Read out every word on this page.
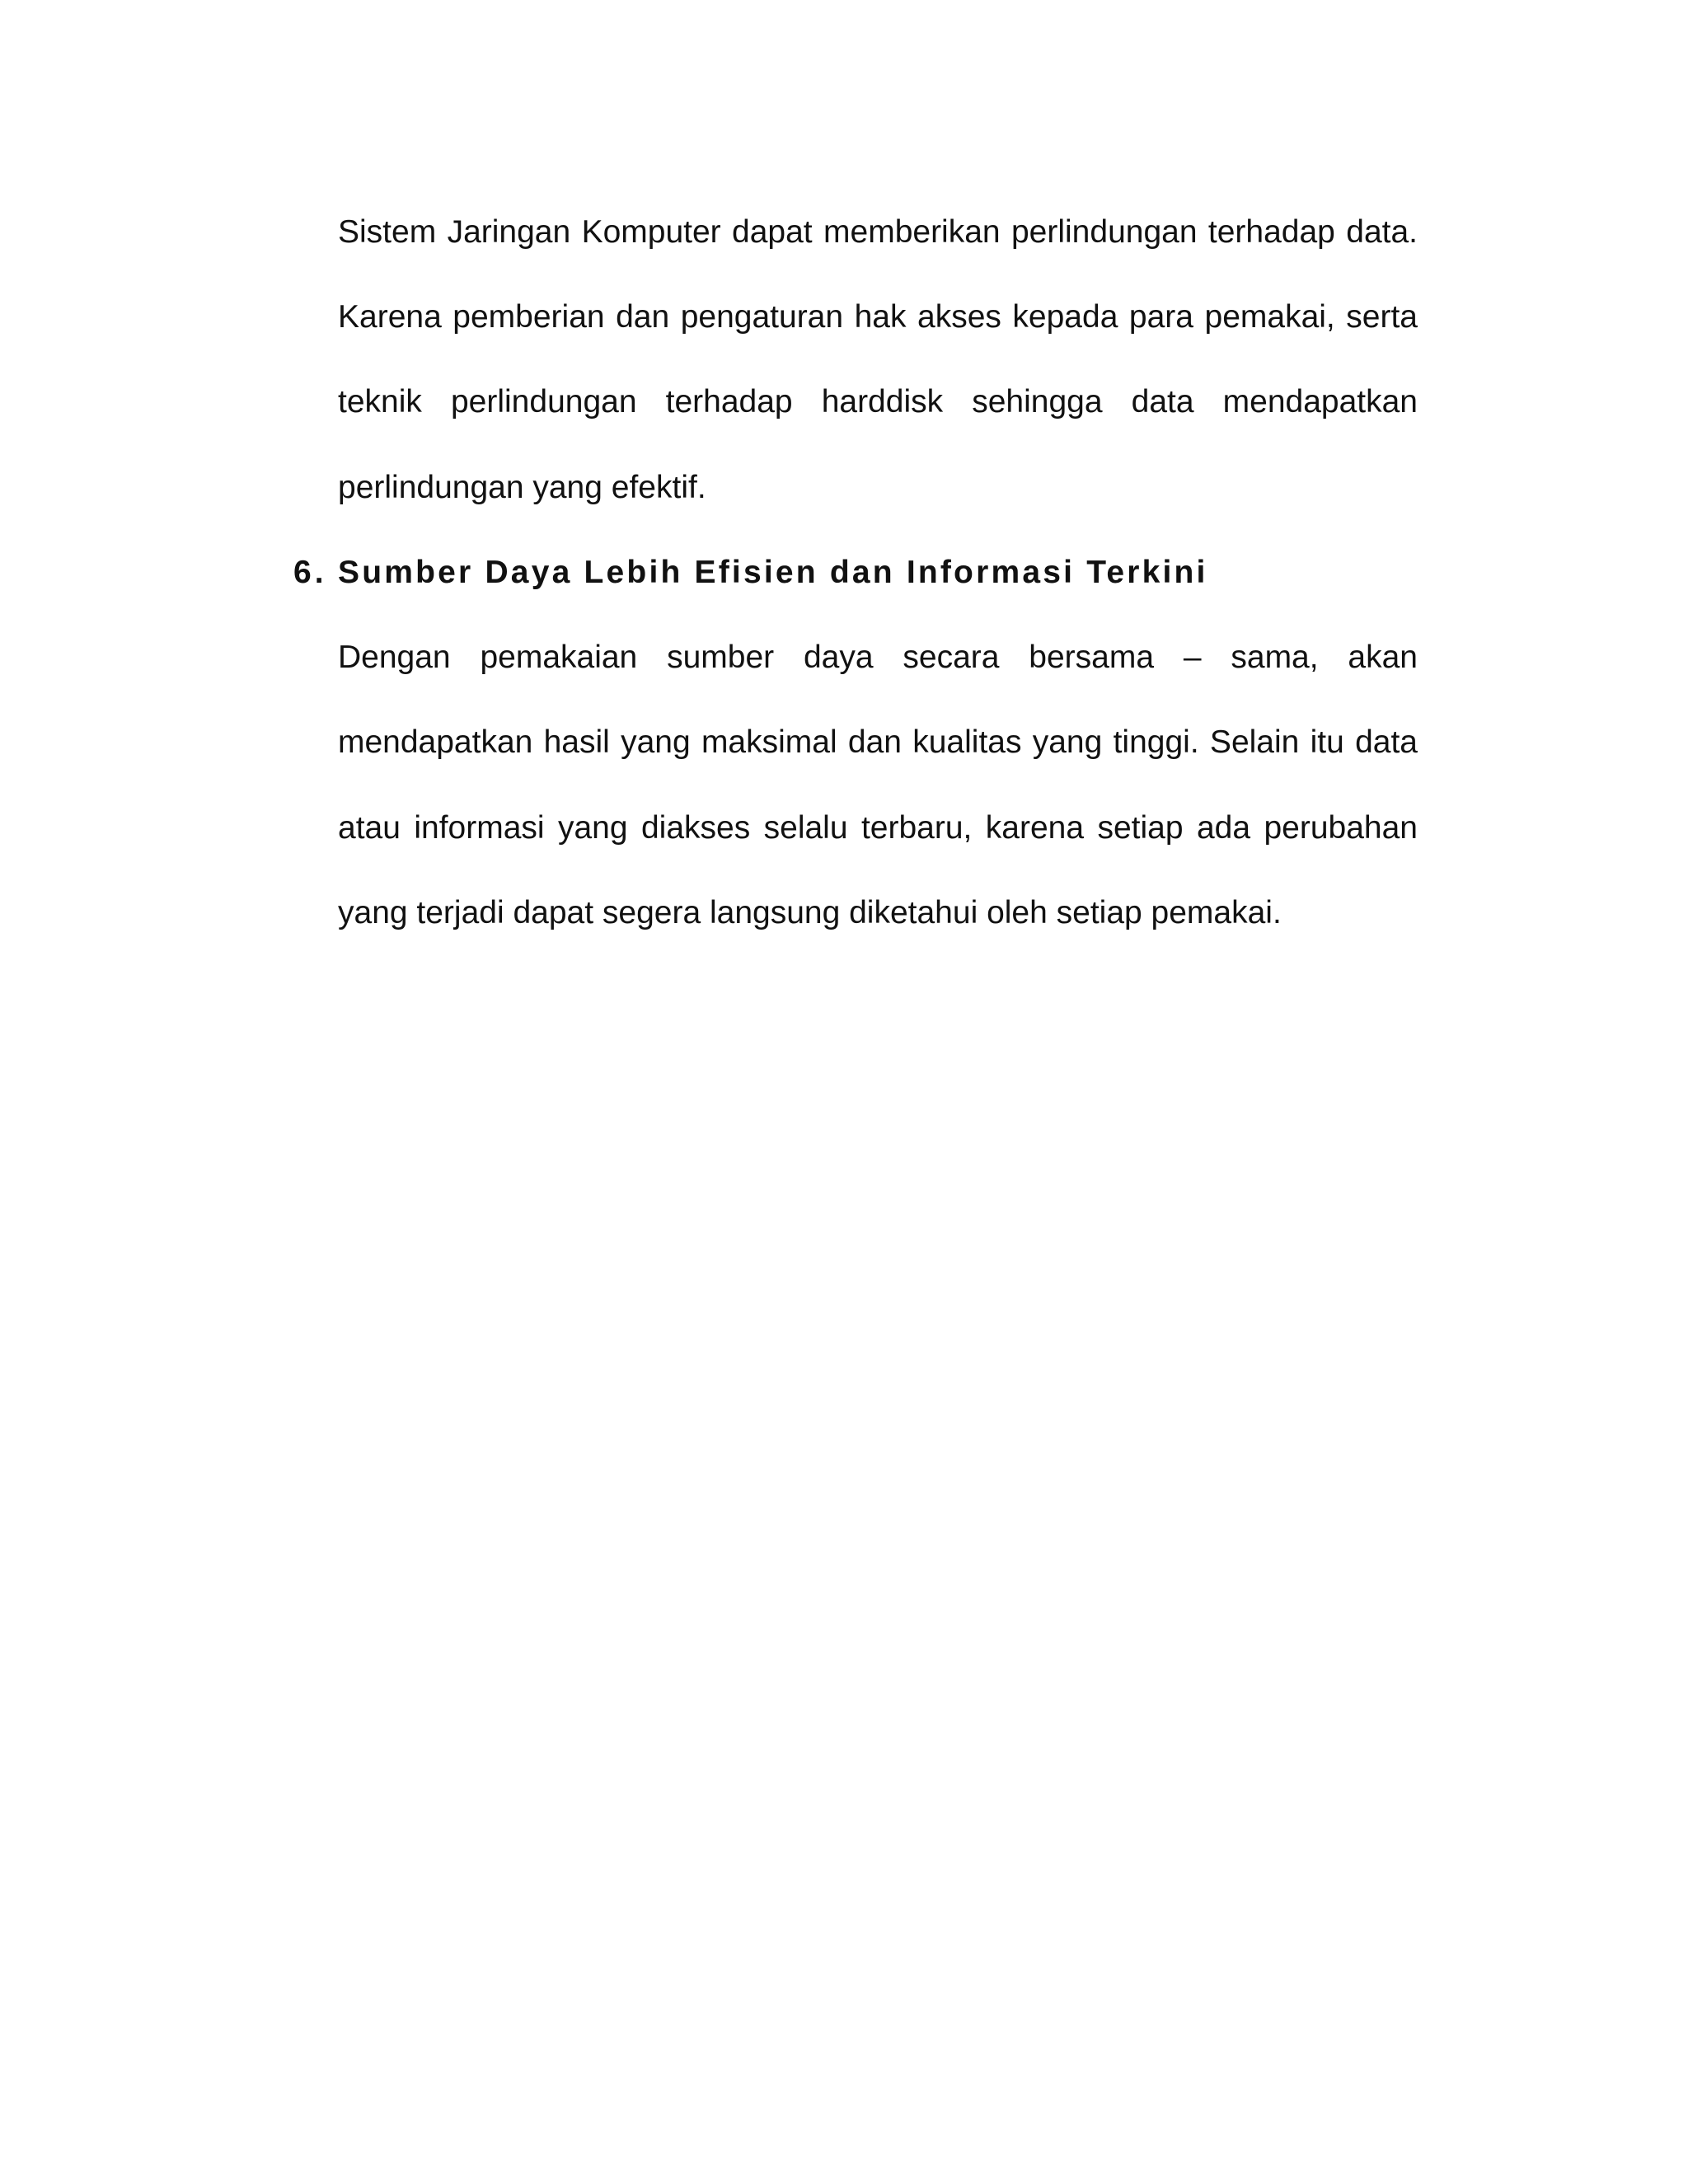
Sistem Jaringan Komputer dapat memberikan perlindungan terhadap data.
Karena pemberian dan pengaturan hak akses kepada para pemakai, serta
teknik perlindungan terhadap harddisk sehingga data mendapatkan
perlindungan yang efektif.
6. Sumber Daya Lebih Efisien dan Informasi Terkini
Dengan pemakaian sumber daya secara bersama – sama, akan
mendapatkan hasil yang maksimal dan kualitas yang tinggi. Selain itu data
atau informasi yang diakses selalu terbaru, karena setiap ada perubahan
yang terjadi dapat segera langsung diketahui oleh setiap pemakai.
